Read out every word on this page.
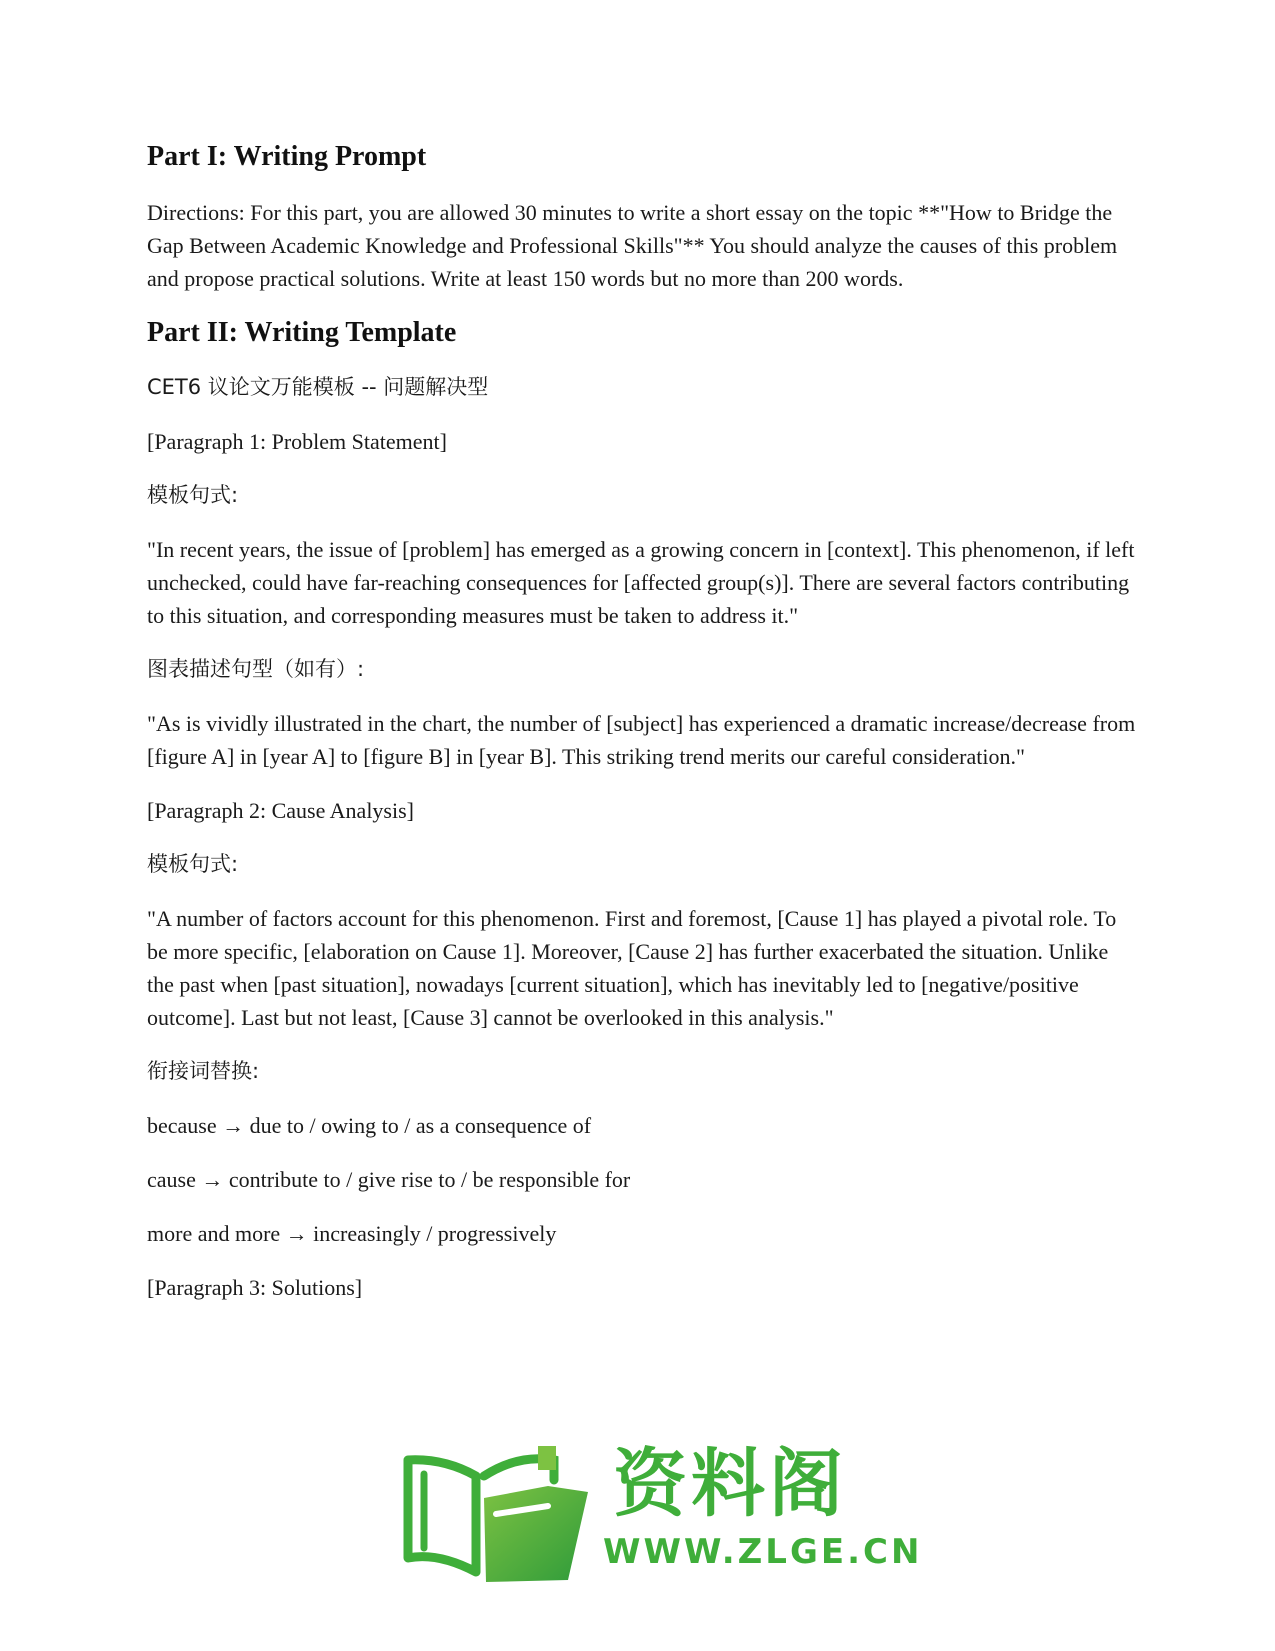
Part I: Writing Prompt

Directions: For this part, you are allowed 30 minutes to write a short essay on the topic **"How to Bridge the Gap Between Academic Knowledge and Professional Skills"** You should analyze the causes of this problem and propose practical solutions. Write at least 150 words but no more than 200 words.

Part II: Writing Template

CET6 议论文万能模板 -- 问题解决型

[Paragraph 1: Problem Statement]

模板句式:

"In recent years, the issue of [problem] has emerged as a growing concern in [context]. This phenomenon, if left unchecked, could have far-reaching consequences for [affected group(s)]. There are several factors contributing to this situation, and corresponding measures must be taken to address it."

图表描述句型（如有）:

"As is vividly illustrated in the chart, the number of [subject] has experienced a dramatic increase/decrease from [figure A] in [year A] to [figure B] in [year B]. This striking trend merits our careful consideration."

[Paragraph 2: Cause Analysis]

模板句式:

"A number of factors account for this phenomenon. First and foremost, [Cause 1] has played a pivotal role. To be more specific, [elaboration on Cause 1]. Moreover, [Cause 2] has further exacerbated the situation. Unlike the past when [past situation], nowadays [current situation], which has inevitably led to [negative/positive outcome]. Last but not least, [Cause 3] cannot be overlooked in this analysis."

衔接词替换:

because → due to / owing to / as a consequence of

cause → contribute to / give rise to / be responsible for

more and more → increasingly / progressively

[Paragraph 3: Solutions]

资料阁
WWW.ZLGE.CN
